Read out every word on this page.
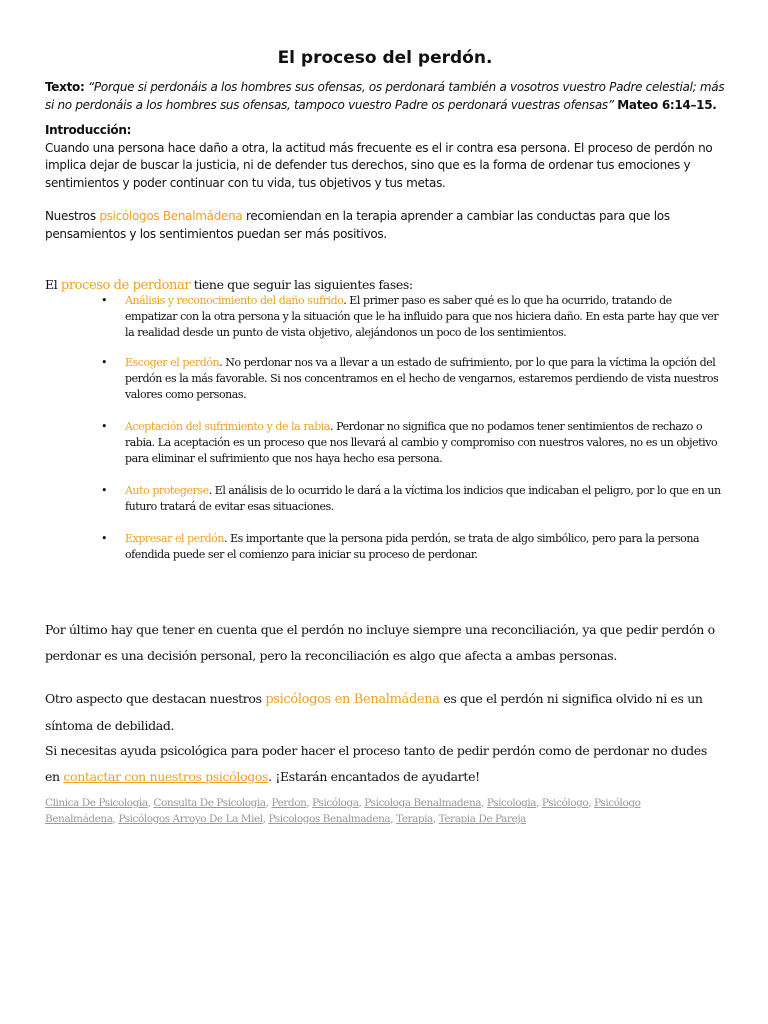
El proceso del perdón.
Texto: “Porque si perdonáis a los hombres sus ofensas, os perdonará también a vosotros vuestro Padre celestial; más si no perdonáis a los hombres sus ofensas, tampoco vuestro Padre os perdonará vuestras ofensas” Mateo 6:14–15.
Introducción:
Cuando una persona hace daño a otra, la actitud más frecuente es el ir contra esa persona. El proceso de perdón no implica dejar de buscar la justicia, ni de defender tus derechos, sino que es la forma de ordenar tus emociones y sentimientos y poder continuar con tu vida, tus objetivos y tus metas.
Nuestros psicólogos Benalmádena recomiendan en la terapia aprender a cambiar las conductas para que los pensamientos y los sentimientos puedan ser más positivos.
El proceso de perdonar tiene que seguir las siguientes fases:
• Análisis y reconocimiento del daño sufrido. El primer paso es saber qué es lo que ha ocurrido, tratando de empatizar con la otra persona y la situación que le ha influido para que nos hiciera daño. En esta parte hay que ver la realidad desde un punto de vista objetivo, alejándonos un poco de los sentimientos.
• Escoger el perdón. No perdonar nos va a llevar a un estado de sufrimiento, por lo que para la víctima la opción del perdón es la más favorable. Si nos concentramos en el hecho de vengarnos, estaremos perdiendo de vista nuestros valores como personas.
• Aceptación del sufrimiento y de la rabia. Perdonar no significa que no podamos tener sentimientos de rechazo o rabia. La aceptación es un proceso que nos llevará al cambio y compromiso con nuestros valores, no es un objetivo para eliminar el sufrimiento que nos haya hecho esa persona.
• Auto protegerse. El análisis de lo ocurrido le dará a la víctima los indicios que indicaban el peligro, por lo que en un futuro tratará de evitar esas situaciones.
• Expresar el perdón. Es importante que la persona pida perdón, se trata de algo simbólico, pero para la persona ofendida puede ser el comienzo para iniciar su proceso de perdonar.
Por último hay que tener en cuenta que el perdón no incluye siempre una reconciliación, ya que pedir perdón o perdonar es una decisión personal, pero la reconciliación es algo que afecta a ambas personas.
Otro aspecto que destacan nuestros psicólogos en Benalmádena es que el perdón ni significa olvido ni es un síntoma de debilidad.
Si necesitas ayuda psicológica para poder hacer el proceso tanto de pedir perdón como de perdonar no dudes en contactar con nuestros psicólogos. ¡Estarán encantados de ayudarte!
Clinica De Psicologia, Consulta De Psicologia, Perdon, Psicóloga, Psicologa Benalmadena, Psicologia, Psicólogo, Psicólogo Benalmádena, Psicólogos Arroyo De La Miel, Psicologos Benalmadena, Terapia, Terapia De Pareja
